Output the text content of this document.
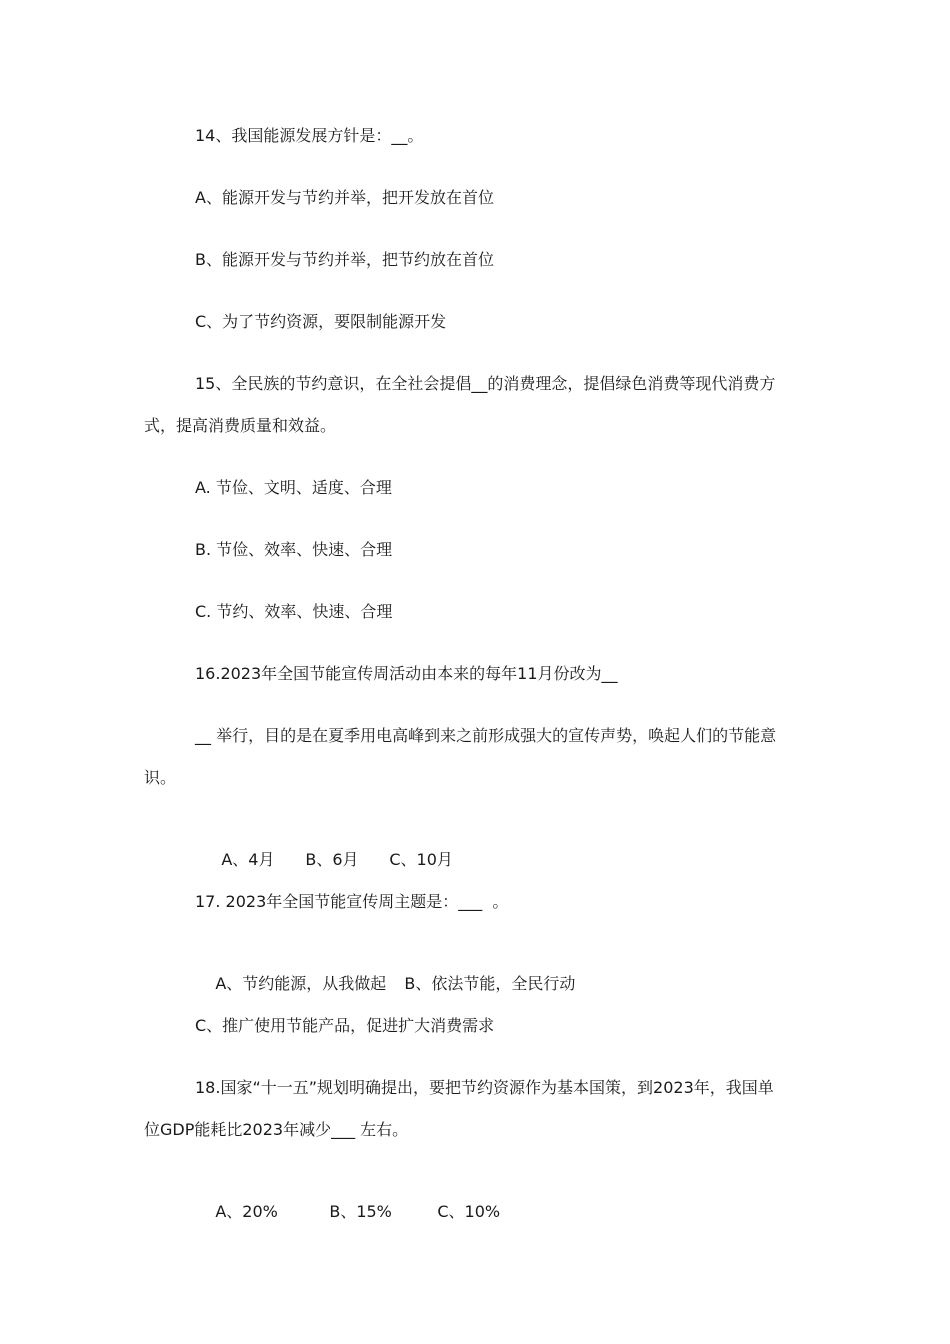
14、我国能源发展方针是：__。

A、能源开发与节约并举，把开发放在首位

B、能源开发与节约并举，把节约放在首位

C、为了节约资源，要限制能源开发

15、全民族的节约意识，在全社会提倡__的消费理念，提倡绿色消费等现代消费方

式，提高消费质量和效益。

A. 节俭、文明、适度、合理

B. 节俭、效率、快速、合理

C. 节约、效率、快速、合理

16.2023年全国节能宣传周活动由本来的每年11月份改为__

__ 举行，目的是在夏季用电高峰到来之前形成强大的宣传声势，唤起人们的节能意

识。

A、4月 B、6月 C、10月

17. 2023年全国节能宣传周主题是：___  。

A、节约能源，从我做起 B、依法节能，全民行动

C、推广使用节能产品，促进扩大消费需求

18.国家“十一五”规划明确提出，要把节约资源作为基本国策，到2023年，我国单

位GDP能耗比2023年减少___ 左右。

A、20%	B、15%	C、10%
